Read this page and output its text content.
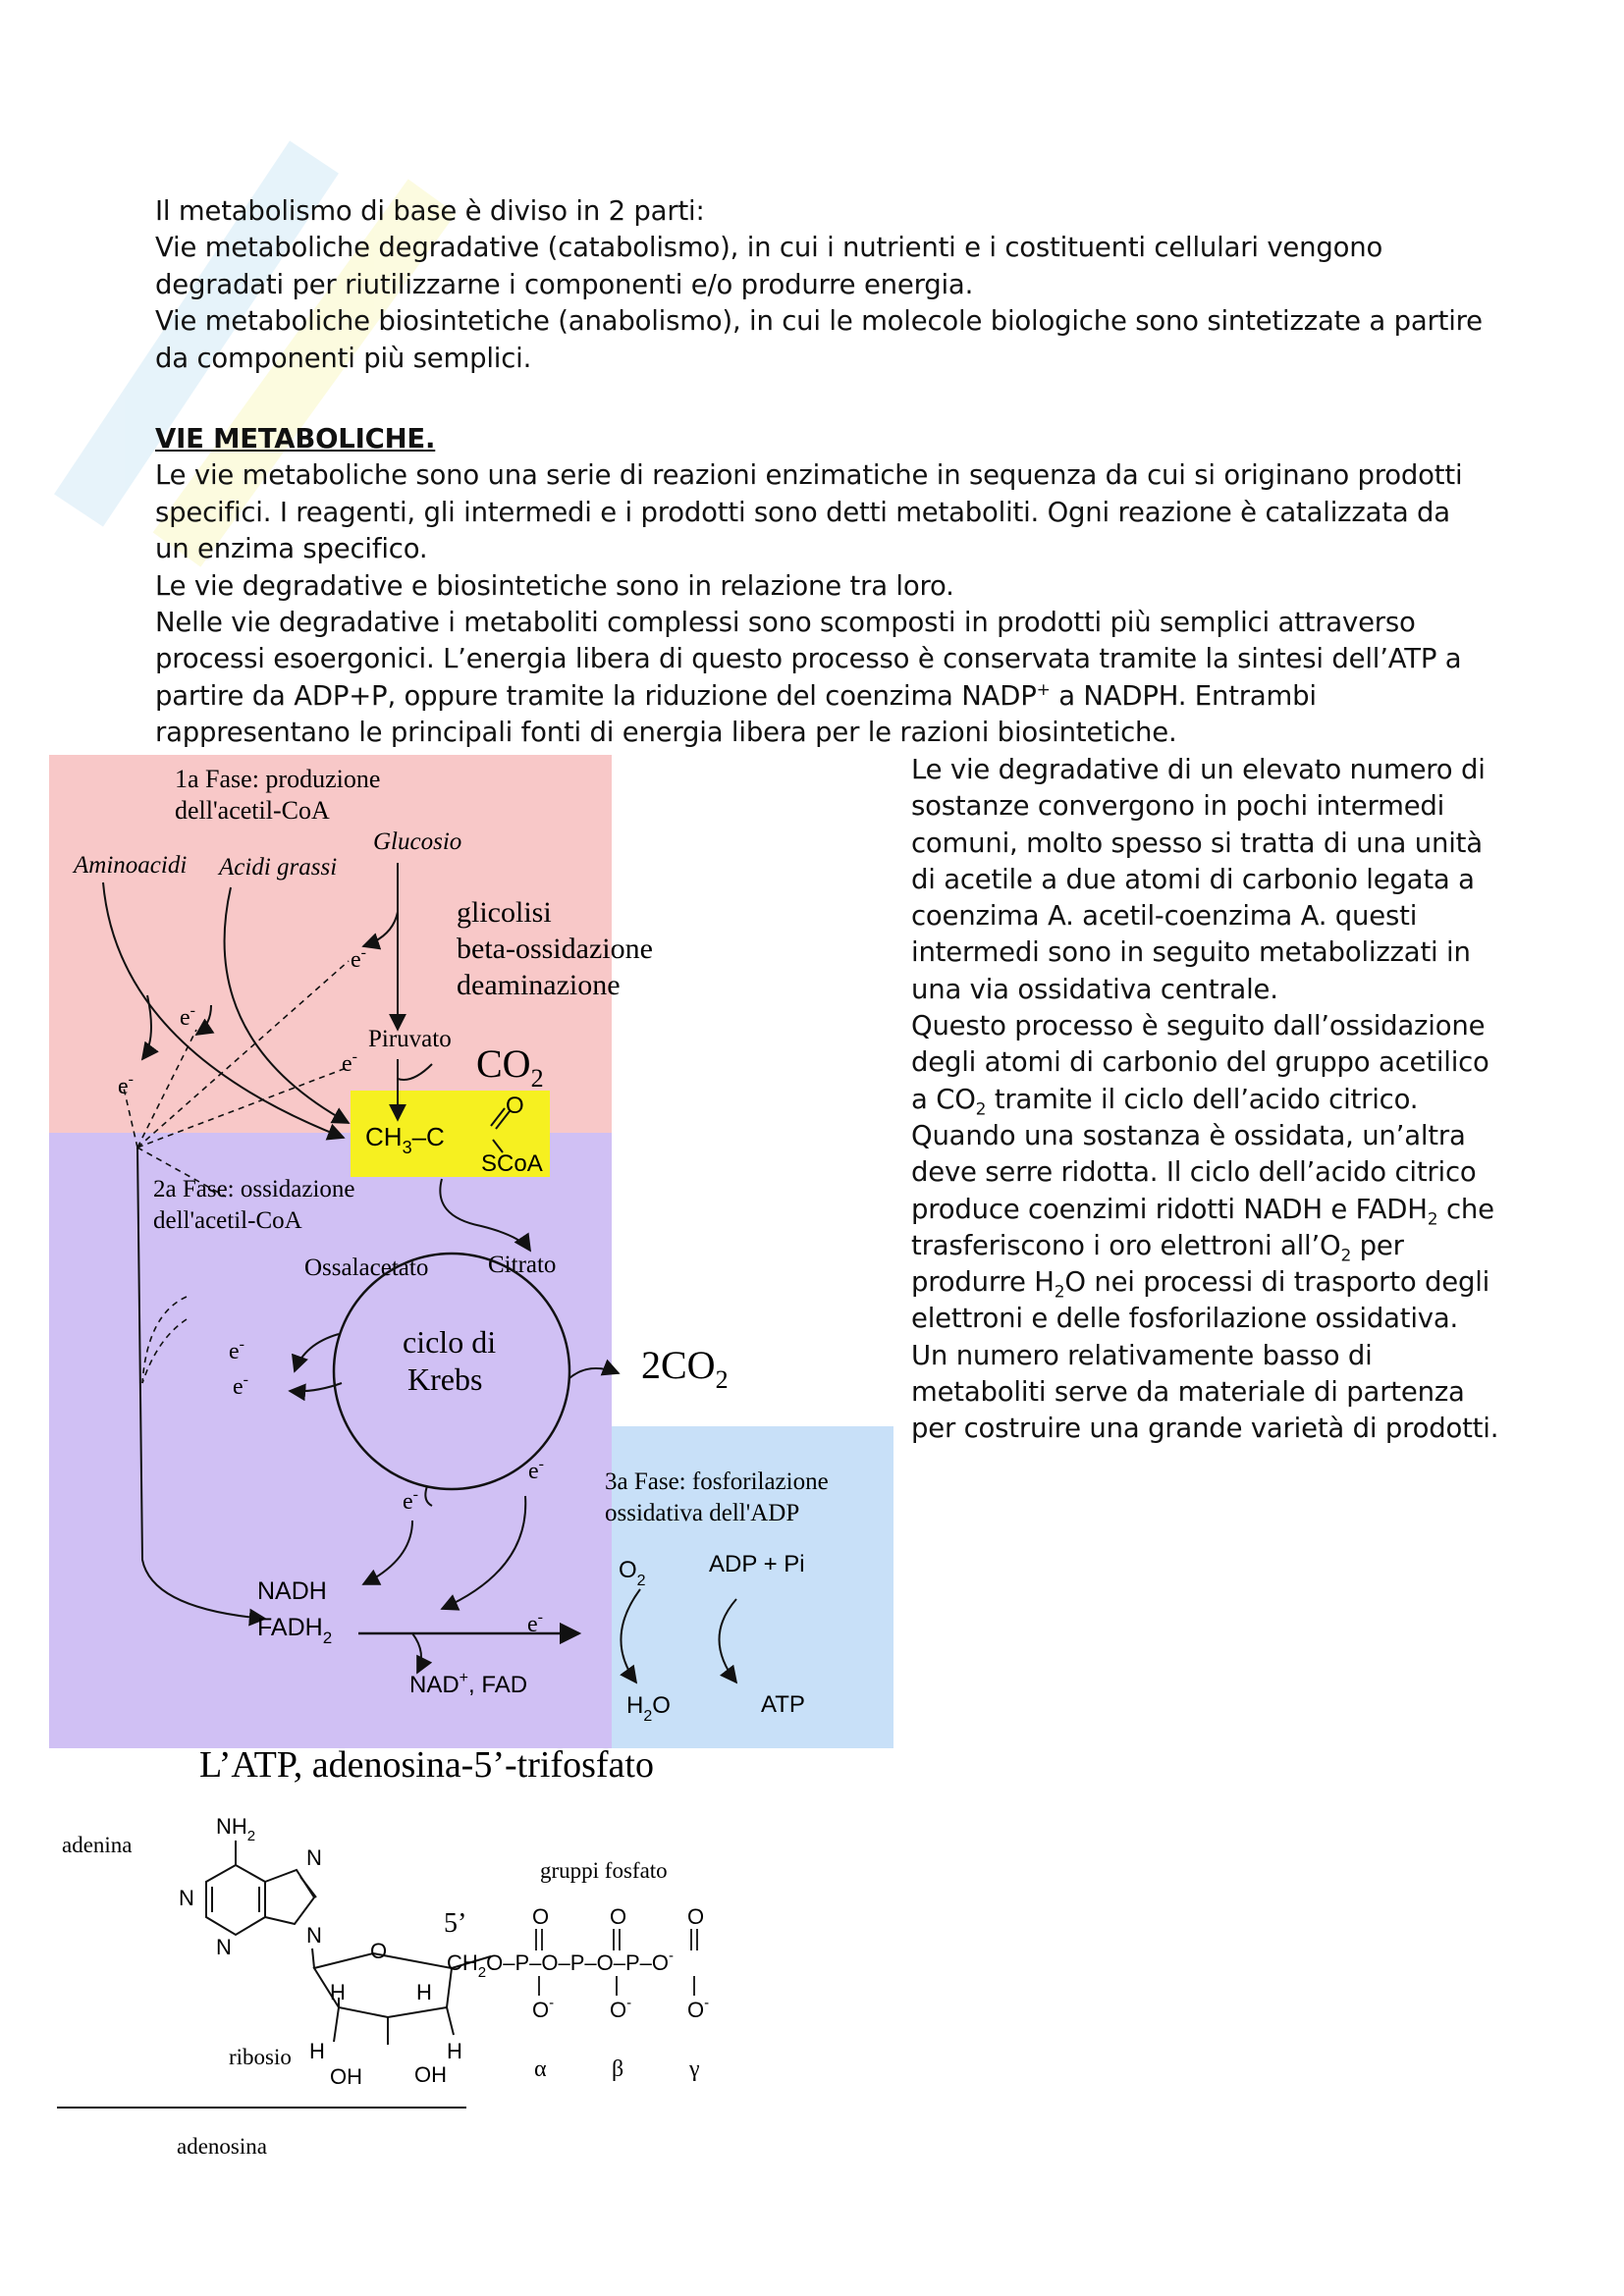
Il metabolismo di base è diviso in 2 parti:

Vie metaboliche degradative (catabolismo), in cui i nutrienti e i costituenti cellulari vengono degradati per riutilizzarne i componenti e/o produrre energia.

Vie metaboliche biosintetiche (anabolismo), in cui le molecole biologiche sono sintetizzate a partire da componenti più semplici.

VIE METABOLICHE.

Le vie metaboliche sono una serie di reazioni enzimatiche in sequenza da cui si originano prodotti specifici. I reagenti, gli intermedi e i prodotti sono detti metaboliti. Ogni reazione è catalizzata da un enzima specifico.

Le vie degradative e biosintetiche sono in relazione tra loro.

Nelle vie degradative i metaboliti complessi sono scomposti in prodotti più semplici attraverso processi esoergonici. L’energia libera di questo processo è conservata tramite la sintesi dell’ATP a partire da ADP+P, oppure tramite la riduzione del coenzima NADP+ a NADPH. Entrambi rappresentano le principali fonti di energia libera per le razioni biosintetiche.

Le vie degradative di un elevato numero di sostanze convergono in pochi intermedi comuni, molto spesso si tratta di una unità di acetile a due atomi di carbonio legata a coenzima A. acetil-coenzima A. questi intermedi sono in seguito metabolizzati in una via ossidativa centrale.

Questo processo è seguito dall’ossidazione degli atomi di carbonio del gruppo acetilico a $CO_2$ tramite il ciclo dell’acido citrico.

Quando una sostanza è ossidata, un’altra deve serre ridotta. Il ciclo dell’acido citrico produce coenzimi ridotti NADH e $FADH_2$ che trasferiscono i oro elettroni $all’O_2$ per produrre $H_2O$ nei processi di trasporto degli elettroni e delle fosforilazione ossidativa.

Un numero relativamente basso di metaboliti serve da materiale di partenza per costruire una grande varietà di prodotti.

1a Fase: produzione
dell'acetil-CoA
Aminoacidi Acidi grassi
Glucosio
glicolisi
beta-ossidazione
deaminazione
Piruvato
$CO_2$
e-
e-
e-
e-
$CH_3-C$
O
SCoA
2a Fase: ossidazione
dell'acetil-CoA
Ossalacetato Citrato
ciclo di
Krebs	$2CO_2$
e-
e-
e-
e-
e-
NADH
$FADH_2$
NAD+, FAD
3a Fase: fosforilazione
ossidativa dell'ADP
$O_2$
ADP + Pi
$H_2O$	ATP
L’ATP, adenosina-5’-trifosfato
adenina
$NH_2$
N
N
N
N
O
H	H
H	H
OH OH
ribosio
5’
gruppi fosfato
$CH_2O-P-O-P-O-P-O^-$
O	O	O
O-	O-	O-
α	β	γ
adenosina
